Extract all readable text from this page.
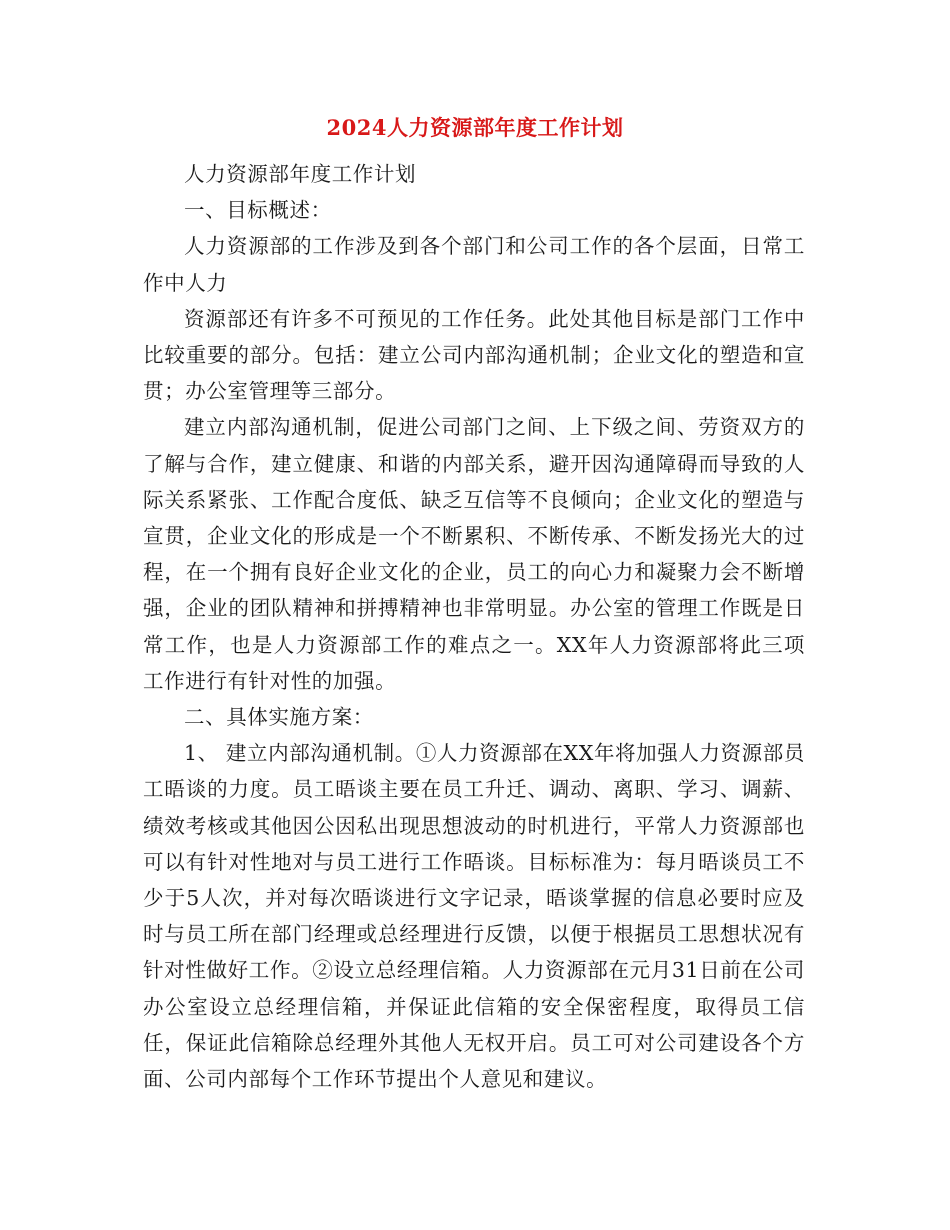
2024人力资源部年度工作计划

人力资源部年度工作计划

一、目标概述：

人力资源部的工作涉及到各个部门和公司工作的各个层面，日常工作中人力

资源部还有许多不可预见的工作任务。此处其他目标是部门工作中比较重要的部分。包括：建立公司内部沟通机制；企业文化的塑造和宣贯；办公室管理等三部分。

建立内部沟通机制，促进公司部门之间、上下级之间、劳资双方的了解与合作，建立健康、和谐的内部关系，避开因沟通障碍而导致的人际关系紧张、工作配合度低、缺乏互信等不良倾向；企业文化的塑造与宣贯，企业文化的形成是一个不断累积、不断传承、不断发扬光大的过程，在一个拥有良好企业文化的企业，员工的向心力和凝聚力会不断增强，企业的团队精神和拼搏精神也非常明显。办公室的管理工作既是日常工作，也是人力资源部工作的难点之一。XX年人力资源部将此三项工作进行有针对性的加强。

二、具体实施方案：

1、 建立内部沟通机制。①人力资源部在XX年将加强人力资源部员工晤谈的力度。员工晤谈主要在员工升迁、调动、离职、学习、调薪、绩效考核或其他因公因私出现思想波动的时机进行，平常人力资源部也可以有针对性地对与员工进行工作晤谈。目标标准为：每月晤谈员工不少于5人次，并对每次晤谈进行文字记录，晤谈掌握的信息必要时应及时与员工所在部门经理或总经理进行反馈，以便于根据员工思想状况有针对性做好工作。②设立总经理信箱。人力资源部在元月31日前在公司办公室设立总经理信箱，并保证此信箱的安全保密程度，取得员工信任，保证此信箱除总经理外其他人无权开启。员工可对公司建设各个方面、公司内部每个工作环节提出个人意见和建议。
